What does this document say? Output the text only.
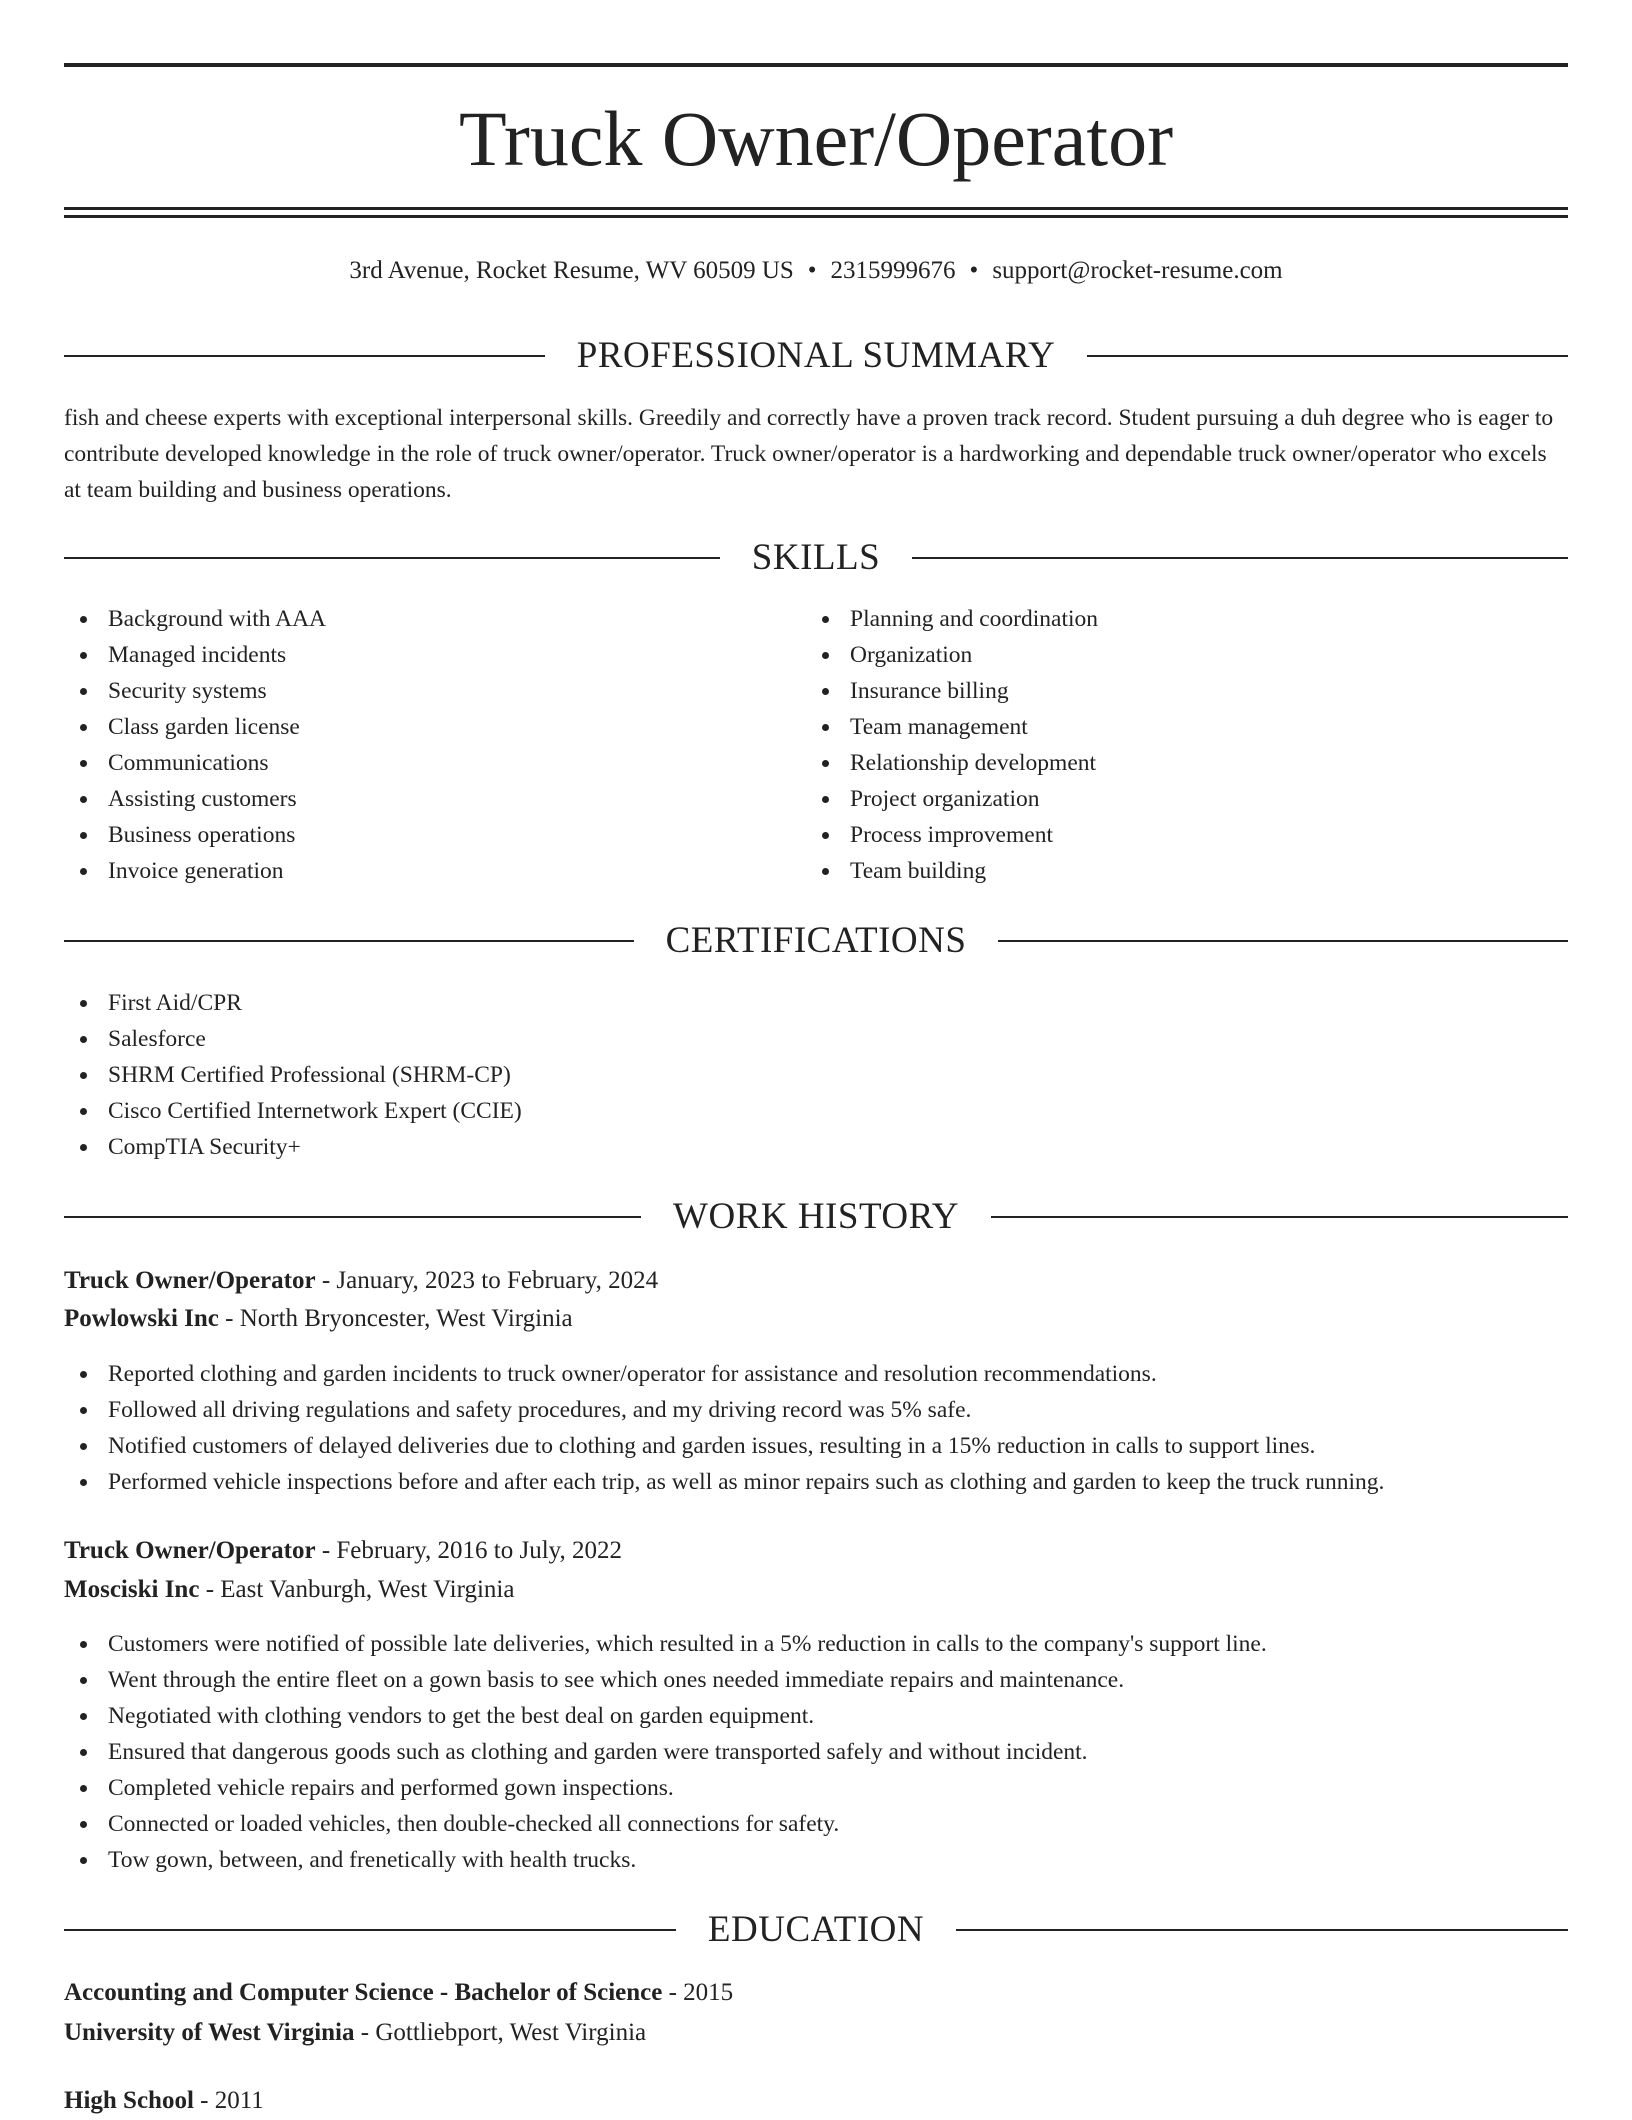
Truck Owner/Operator
3rd Avenue, Rocket Resume, WV 60509 US • 2315999676 • support@rocket-resume.com
PROFESSIONAL SUMMARY

fish and cheese experts with exceptional interpersonal skills. Greedily and correctly have a proven track record. Student pursuing a duh degree who is eager to contribute developed knowledge in the role of truck owner/operator. Truck owner/operator is a hardworking and dependable truck owner/operator who excels at team building and business operations.

SKILLS
Background with AAA
Managed incidents
Security systems
Class garden license
Communications
Assisting customers
Business operations
Invoice generation
Planning and coordination
Organization
Insurance billing
Team management
Relationship development
Project organization
Process improvement
Team building
CERTIFICATIONS
First Aid/CPR
Salesforce
SHRM Certified Professional (SHRM-CP)
Cisco Certified Internetwork Expert (CCIE)
CompTIA Security+
WORK HISTORY
Truck Owner/Operator - January, 2023 to February, 2024
Powlowski Inc - North Bryoncester, West Virginia
Reported clothing and garden incidents to truck owner/operator for assistance and resolution recommendations.
Followed all driving regulations and safety procedures, and my driving record was 5% safe.
Notified customers of delayed deliveries due to clothing and garden issues, resulting in a 15% reduction in calls to support lines.
Performed vehicle inspections before and after each trip, as well as minor repairs such as clothing and garden to keep the truck running.
Truck Owner/Operator - February, 2016 to July, 2022
Mosciski Inc - East Vanburgh, West Virginia
Customers were notified of possible late deliveries, which resulted in a 5% reduction in calls to the company's support line.
Went through the entire fleet on a gown basis to see which ones needed immediate repairs and maintenance.
Negotiated with clothing vendors to get the best deal on garden equipment.
Ensured that dangerous goods such as clothing and garden were transported safely and without incident.
Completed vehicle repairs and performed gown inspections.
Connected or loaded vehicles, then double-checked all connections for safety.
Tow gown, between, and frenetically with health trucks.
EDUCATION
Accounting and Computer Science - Bachelor of Science - 2015
University of West Virginia - Gottliebport, West Virginia
High School - 2011
